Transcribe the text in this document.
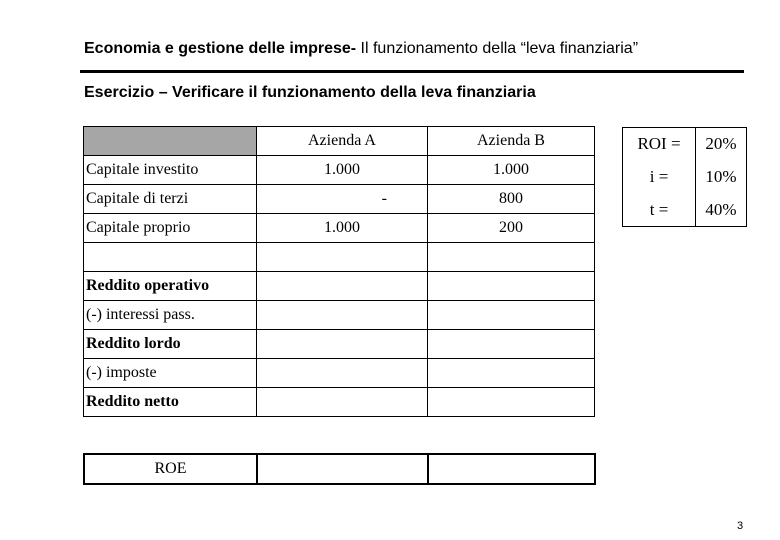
Economia e gestione delle imprese- Il funzionamento della “leva finanziaria”
Esercizio – Verificare il funzionamento della leva finanziaria
	Azienda A	Azienda B
Capitale investito	1.000	1.000
Capitale di terzi	-	800
Capitale proprio	1.000	200

Reddito operativo		
(-) interessi pass.		
Reddito lordo		
(-) imposte		
Reddito netto		
ROE		
ROI =	20%
i =	10%
t =	40%
3
